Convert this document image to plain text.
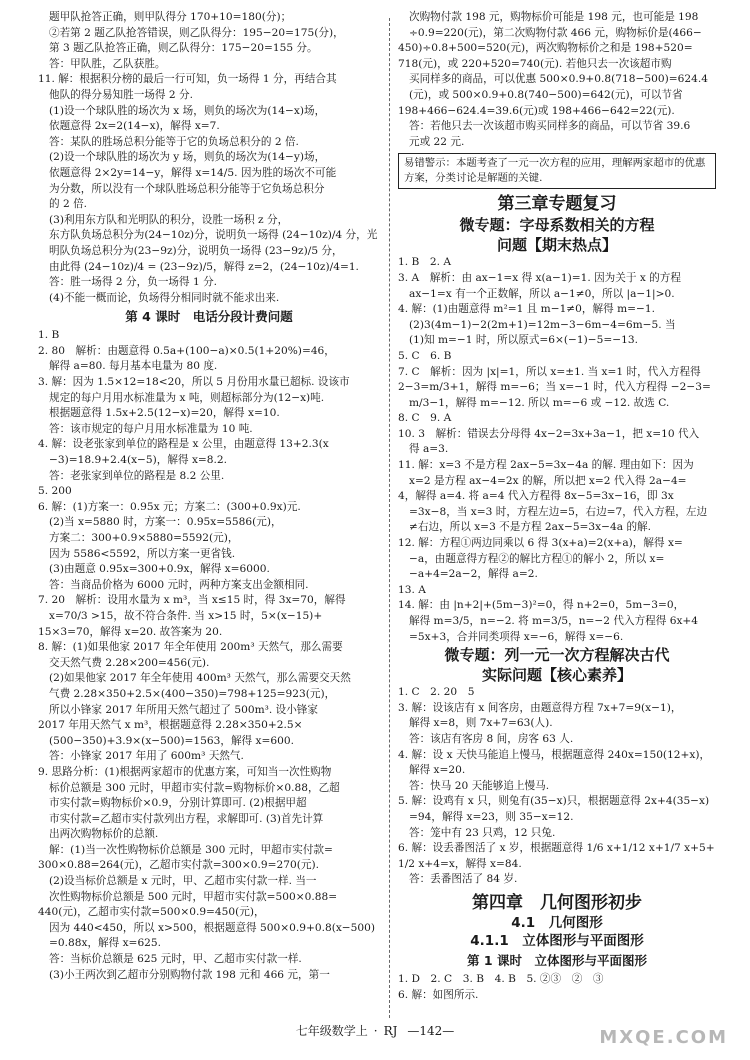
题甲队抢答正确，则甲队得分 170+10=180(分)；
②若第 2 题乙队抢答错误，则乙队得分：195−20=175(分)，
第 3 题乙队抢答正确，则乙队得分：175−20=155 分。
答：甲队胜，乙队获胜。
11. 解：根据积分榜的最后一行可知，负一场得 1 分，再结合其
他队的得分易知胜一场得 2 分.
(1)设一个球队胜的场次为 x 场，则负的场次为(14−x)场，
依题意得 2x=2(14−x)，解得 x=7.
答：某队的胜场总积分能等于它的负场总积分的 2 倍.
(2)设一个球队胜的场次为 y 场，则负的场次为(14−y)场，
依题意得 2×2y=14−y，解得 x=14/5. 因为胜的场次不可能
为分数，所以没有一个球队胜场总积分能等于它负场总积分
的 2 倍.
(3)利用东方队和光明队的积分，设胜一场积 z 分，
东方队负场总积分为(24−10z)分，说明负一场得 (24−10z)/4 分，光
明队负场总积分为(23−9z)分，说明负一场得 (23−9z)/5 分，
由此得 (24−10z)/4 = (23−9z)/5，解得 z=2，(24−10z)/4=1.
答：胜一场得 2 分，负一场得 1 分.
(4)不能一概而论，负场得分相同时就不能求出来.
第 4 课时　电话分段计费问题
1. B
2. 80　解析：由题意得 0.5a+(100−a)×0.5(1+20%)=46，
解得 a=80. 每月基本电量为 80 度.
3. 解：因为 1.5×12=18<20，所以 5 月份用水量已超标. 设该市
规定的每户月用水标准量为 x 吨，则超标部分为(12−x)吨.
根据题意得 1.5x+2.5(12−x)=20，解得 x=10.
答：该市规定的每户月用水标准量为 10 吨.
4. 解：设老张家到单位的路程是 x 公里，由题意得 13+2.3(x
−3)=18.9+2.4(x−5)，解得 x=8.2.
答：老张家到单位的路程是 8.2 公里.
5. 200
6. 解：(1)方案一：0.95x 元；方案二：(300+0.9x)元.
(2)当 x=5880 时，方案一：0.95x=5586(元)，
方案二：300+0.9×5880=5592(元)，
因为 5586<5592，所以方案一更省钱.
(3)由题意 0.95x=300+0.9x，解得 x=6000.
答：当商品价格为 6000 元时，两种方案支出金额相同.
7. 20　解析：设用水量为 x m³，当 x≤15 时，得 3x=70，解得
x=70/3 >15，故不符合条件. 当 x>15 时，5×(x−15)+
15×3=70，解得 x=20. 故答案为 20.
8. 解：(1)如果他家 2017 年全年使用 200m³ 天然气，那么需要
交天然气费 2.28×200=456(元).
(2)如果他家 2017 年全年使用 400m³ 天然气，那么需要交天然
气费 2.28×350+2.5×(400−350)=798+125=923(元)，
所以小锋家 2017 年所用天然气超过了 500m³. 设小锋家
2017 年用天然气 x m³，根据题意得 2.28×350+2.5×
(500−350)+3.9×(x−500)=1563，解得 x=600.
答：小锋家 2017 年用了 600m³ 天然气.
9. 思路分析：(1)根据两家超市的优惠方案，可知当一次性购物
标价总额是 300 元时，甲超市实付款=购物标价×0.88，乙超
市实付款=购物标价×0.9，分别计算即可. (2)根据甲超
市实付款=乙超市实付款列出方程，求解即可. (3)首先计算
出两次购物标价的总额.
解：(1)当一次性购物标价总额是 300 元时，甲超市实付款=
300×0.88=264(元)，乙超市实付款=300×0.9=270(元).
(2)设当标价总额是 x 元时，甲、乙超市实付款一样. 当一
次性购物标价总额是 500 元时，甲超市实付款=500×0.88=
440(元)，乙超市实付款=500×0.9=450(元)，
因为 440<450，所以 x>500，根据题意得 500×0.9+0.8(x−500)
=0.88x，解得 x=625.
答：当标价总额是 625 元时，甲、乙超市实付款一样.
(3)小王两次到乙超市分别购物付款 198 元和 466 元，第一
次购物付款 198 元，购物标价可能是 198 元，也可能是 198
÷0.9=220(元)，第二次购物付款 466 元，购物标价是(466−
450)÷0.8+500=520(元)，两次购物标价之和是 198+520=
718(元)，或 220+520=740(元). 若他只去一次该超市购
买同样多的商品，可以优惠 500×0.9+0.8(718−500)=624.4
(元)，或 500×0.9+0.8(740−500)=642(元)，可以节省
198+466−624.4=39.6(元)或 198+466−642=22(元).
答：若他只去一次该超市购买同样多的商品，可以节省 39.6
元或 22 元.
易错警示：本题考查了一元一次方程的应用，理解两家超市的优惠方案，分类讨论是解题的关键.
第三章专题复习
微专题：字母系数相关的方程
问题【期末热点】
1. B　2. A
3. A　解析：由 ax−1=x 得 x(a−1)=1. 因为关于 x 的方程
ax−1=x 有一个正数解，所以 a−1≠0，所以 |a−1|>0.
4. 解：(1)由题意得 m²=1 且 m−1≠0，解得 m=−1.
(2)3(4m−1)−2(2m+1)=12m−3−6m−4=6m−5. 当
(1)知 m=−1 时，所以原式=6×(−1)−5=−13.
5. C　6. B
7. C　解析：因为 |x|=1，所以 x=±1. 当 x=1 时，代入方程得
2−3=m/3+1，解得 m=−6；当 x=−1 时，代入方程得 −2−3=
m/3−1，解得 m=−12. 所以 m=−6 或 −12. 故选 C.
8. C　9. A
10. 3　解析：错误去分母得 4x−2=3x+3a−1，把 x=10 代入
得 a=3.
11. 解：x=3 不是方程 2ax−5=3x−4a 的解. 理由如下：因为
x=2 是方程 ax−4=2x 的解，所以把 x=2 代入得 2a−4=
4，解得 a=4. 将 a=4 代入方程得 8x−5=3x−16，即 3x
=3x−8，当 x=3 时，方程左边=5，右边=7，代入方程，左边
≠右边，所以 x=3 不是方程 2ax−5=3x−4a 的解.
12. 解：方程①两边同乘以 6 得 3(x+a)=2(x+a)，解得 x=
−a，由题意得方程②的解比方程①的解小 2，所以 x=
−a+4=2a−2，解得 a=2.
13. A
14. 解：由 |n+2|+(5m−3)²=0，得 n+2=0，5m−3=0，
解得 m=3/5，n=−2. 将 m=3/5，n=−2 代入方程得 6x+4
=5x+3，合并同类项得 x=−6，解得 x=−6.
微专题：列一元一次方程解决古代
实际问题【核心素养】
1. C　2. 20　5
3. 解：设该店有 x 间客房，由题意得方程 7x+7=9(x−1)，
解得 x=8，则 7x+7=63(人).
答：该店有客房 8 间，房客 63 人.
4. 解：设 x 天快马能追上慢马，根据题意得 240x=150(12+x)，
解得 x=20.
答：快马 20 天能够追上慢马.
5. 解：设鸡有 x 只，则兔有(35−x)只，根据题意得 2x+4(35−x)
=94，解得 x=23，则 35−x=12.
答：笼中有 23 只鸡，12 只兔.
6. 解：设丢番图活了 x 岁，根据题意得 1/6 x+1/12 x+1/7 x+5+
1/2 x+4=x，解得 x=84.
答：丢番图活了 84 岁.
第四章　几何图形初步
4.1　几何图形
4.1.1　立体图形与平面图形
第 1 课时　立体图形与平面图形
1. D　2. C　3. B　4. B　5. ②③　②　③
6. 解：如图所示.
七年级数学上 · RJ —142—	MXQE.COM
